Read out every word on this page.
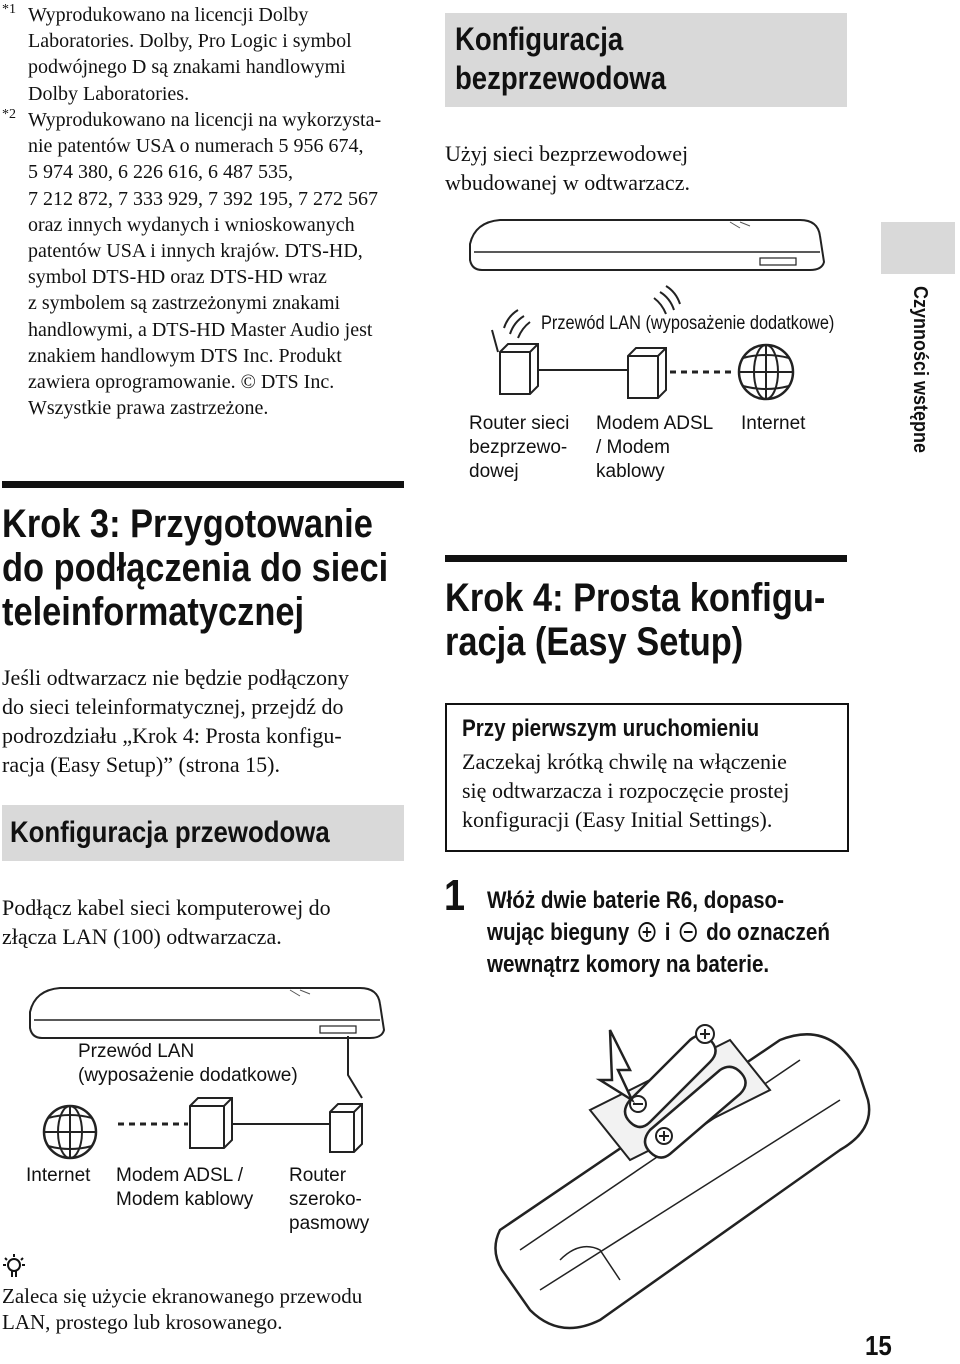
*1 Wyprodukowano na licencji Dolby
Laboratories. Dolby, Pro Logic i symbol
podwójnego D są znakami handlowymi
Dolby Laboratories.
*2 Wyprodukowano na licencji na wykorzysta-
nie patentów USA o numerach 5 956 674,
5 974 380, 6 226 616, 6 487 535,
7 212 872, 7 333 929, 7 392 195, 7 272 567
oraz innych wydanych i wnioskowanych
patentów USA i innych krajów. DTS-HD,
symbol DTS-HD oraz DTS-HD wraz
z symbolem są zastrzeżonymi znakami
handlowymi, a DTS-HD Master Audio jest
znakiem handlowym DTS Inc. Produkt
zawiera oprogramowanie. © DTS Inc.
Wszystkie prawa zastrzeżone.
Krok 3: Przygotowanie
do podłączenia do sieci
teleinformatycznej
Jeśli odtwarzacz nie będzie podłączony
do sieci teleinformatycznej, przejdź do
podrozdziału „Krok 4: Prosta konfigu-
racja (Easy Setup)” (strona 15).
Konfiguracja przewodowa
Podłącz kabel sieci komputerowej do
złącza LAN (100) odtwarzacza.
Przewód LAN
(wyposażenie dodatkowe)
Internet Modem ADSL /
Modem kablowy
Router
szeroko-
pasmowy
Zaleca się użycie ekranowanego przewodu
LAN, prostego lub krosowanego.
Konfiguracja
bezprzewodowa
Użyj sieci bezprzewodowej
wbudowanej w odtwarzacz.
Przewód LAN (wyposażenie dodatkowe)
Router sieci
bezprzewo-
dowej
Modem ADSL
/ Modem
kablowy
Internet	Czynności wstępne
Krok 4: Prosta konfigu-
racja (Easy Setup)
Przy pierwszym uruchomieniu
Zaczekaj krótką chwilę na włączenie
się odtwarzacza i rozpoczęcie prostej
konfiguracji (Easy Initial Settings).
1 Włóż dwie baterie R6, dopaso-
wując bieguny i do oznaczeń
wewnątrz komory na baterie.
15
